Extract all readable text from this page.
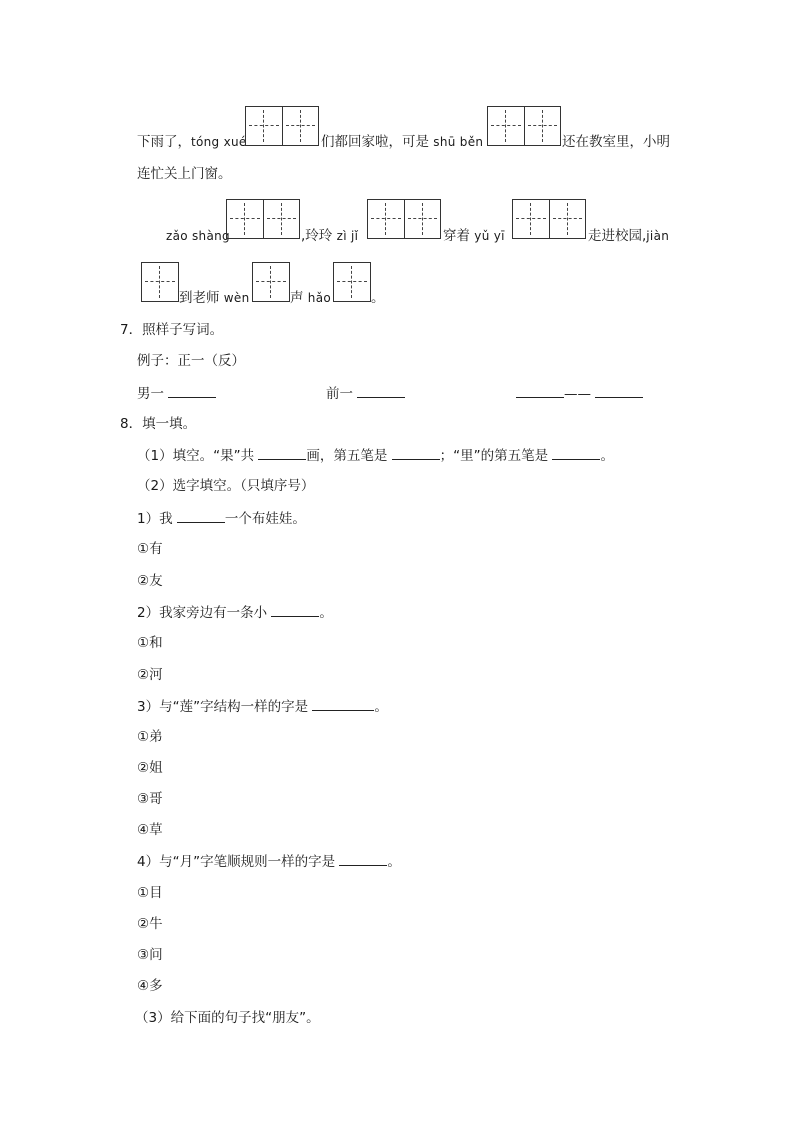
下雨了，tóng xué	们都回家啦，可是 shū běn	还在教室里，小明
连忙关上门窗。
zǎo shàng	,玲玲 zì jǐ	穿着 yǔ yī	走进校园,jiàn
到老师 wèn	声 hǎo	。
7．照样子写词。
例子：正一（反）
男一	前一	——
8．填一填。
（1）填空。“果”共	画，第五笔是	；“里”的第五笔是	。
（2）选字填空。（只填序号）
1）我	一个布娃娃。
①有
②友
2）我家旁边有一条小	。
①和
②河
3）与“莲”字结构一样的字是	。
①弟
②姐
③哥
④草
4）与“月”字笔顺规则一样的字是	。
①目
②牛
③问
④多
（3）给下面的句子找“朋友”。
